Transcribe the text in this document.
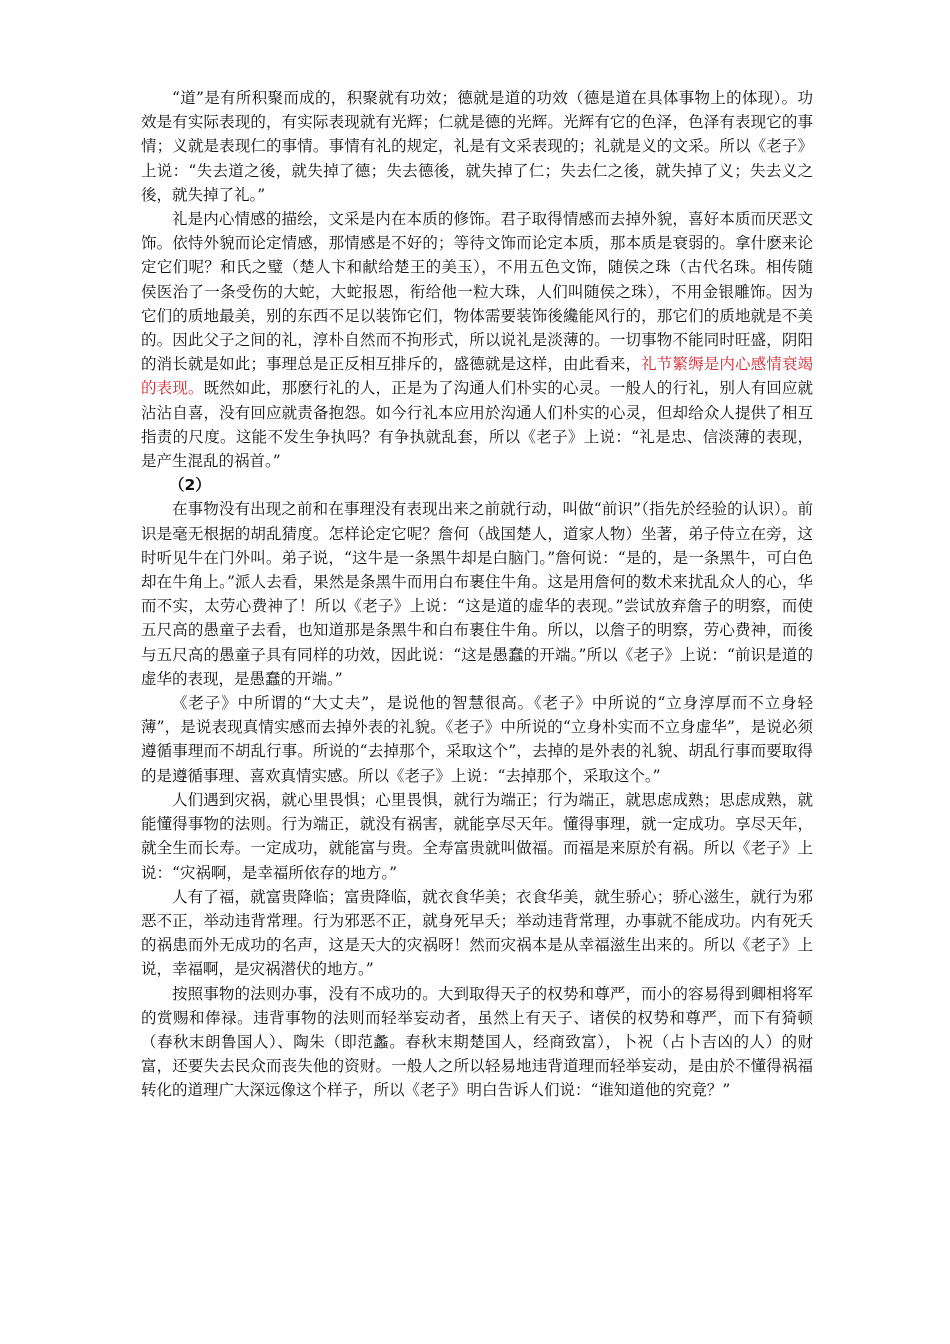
“道”是有所积聚而成的，积聚就有功效；德就是道的功效（德是道在具体事物上的体现）。功效是有实际表现的，有实际表现就有光辉；仁就是德的光辉。光辉有它的色泽，色泽有表现它的事情；义就是表现仁的事情。事情有礼的规定，礼是有文采表现的；礼就是义的文采。所以《老子》上说：“失去道之後，就失掉了德；失去德後，就失掉了仁；失去仁之後，就失掉了义；失去义之後，就失掉了礼。”

礼是内心情感的描绘，文采是内在本质的修饰。君子取得情感而去掉外貌，喜好本质而厌恶文饰。依恃外貌而论定情感，那情感是不好的；等待文饰而论定本质，那本质是衰弱的。拿什麽来论定它们呢？和氏之璧（楚人卞和献给楚王的美玉），不用五色文饰，随侯之珠（古代名珠。相传随侯医治了一条受伤的大蛇，大蛇报恩，衔给他一粒大珠，人们叫随侯之珠），不用金银雕饰。因为它们的质地最美，别的东西不足以装饰它们，物体需要装饰後纔能风行的，那它们的质地就是不美的。因此父子之间的礼，淳朴自然而不拘形式，所以说礼是淡薄的。一切事物不能同时旺盛，阴阳的消长就是如此；事理总是正反相互排斥的，盛德就是这样，由此看来，礼节繁缛是内心感情衰竭的表现。既然如此，那麽行礼的人，正是为了沟通人们朴实的心灵。一般人的行礼，别人有回应就沾沾自喜，没有回应就责备抱怨。如今行礼本应用於沟通人们朴实的心灵，但却给众人提供了相互指责的尺度。这能不发生争执吗？有争执就乱套，所以《老子》上说：“礼是忠、信淡薄的表现，是产生混乱的祸首。”

（2）

在事物没有出现之前和在事理没有表现出来之前就行动，叫做“前识”（指先於经验的认识）。前识是毫无根据的胡乱猜度。怎样论定它呢？詹何（战国楚人，道家人物）坐著，弟子侍立在旁，这时听见牛在门外叫。弟子说，“这牛是一条黑牛却是白脑门。”詹何说：“是的，是一条黑牛，可白色却在牛角上。”派人去看，果然是条黑牛而用白布裹住牛角。这是用詹何的数术来扰乱众人的心，华而不实，太劳心费神了！所以《老子》上说：“这是道的虚华的表现。”尝试放弃詹子的明察，而使五尺高的愚童子去看，也知道那是条黑牛和白布裹住牛角。所以，以詹子的明察，劳心费神，而後与五尺高的愚童子具有同样的功效，因此说：“这是愚蠢的开端。”所以《老子》上说：“前识是道的虚华的表现，是愚蠢的开端。”

《老子》中所谓的“大丈夫”，是说他的智慧很高。《老子》中所说的“立身淳厚而不立身轻薄”，是说表现真情实感而去掉外表的礼貌。《老子》中所说的“立身朴实而不立身虚华”，是说必须遵循事理而不胡乱行事。所说的“去掉那个，采取这个”，去掉的是外表的礼貌、胡乱行事而要取得的是遵循事理、喜欢真情实感。所以《老子》上说：“去掉那个，采取这个。”

人们遇到灾祸，就心里畏惧；心里畏惧，就行为端正；行为端正，就思虑成熟；思虑成熟，就能懂得事物的法则。行为端正，就没有祸害，就能享尽天年。懂得事理，就一定成功。享尽天年，就全生而长寿。一定成功，就能富与贵。全寿富贵就叫做福。而福是来原於有祸。所以《老子》上说：“灾祸啊，是幸福所依存的地方。”

人有了福，就富贵降临；富贵降临，就衣食华美；衣食华美，就生骄心；骄心滋生，就行为邪恶不正，举动违背常理。行为邪恶不正，就身死早夭；举动违背常理，办事就不能成功。内有死夭的祸患而外无成功的名声，这是天大的灾祸呀！然而灾祸本是从幸福滋生出来的。所以《老子》上说，幸福啊，是灾祸潜伏的地方。”

按照事物的法则办事，没有不成功的。大到取得天子的权势和尊严，而小的容易得到卿相将军的赏赐和俸禄。违背事物的法则而轻举妄动者，虽然上有天子、诸侯的权势和尊严，而下有猗顿（春秋末朗鲁国人）、陶朱（即范蠡。春秋末期楚国人，经商致富），卜祝（占卜吉凶的人）的财富，还要失去民众而丧失他的资财。一般人之所以轻易地违背道理而轻举妄动，是由於不懂得祸福转化的道理广大深远像这个样子，所以《老子》明白告诉人们说：“谁知道他的究竟？”
